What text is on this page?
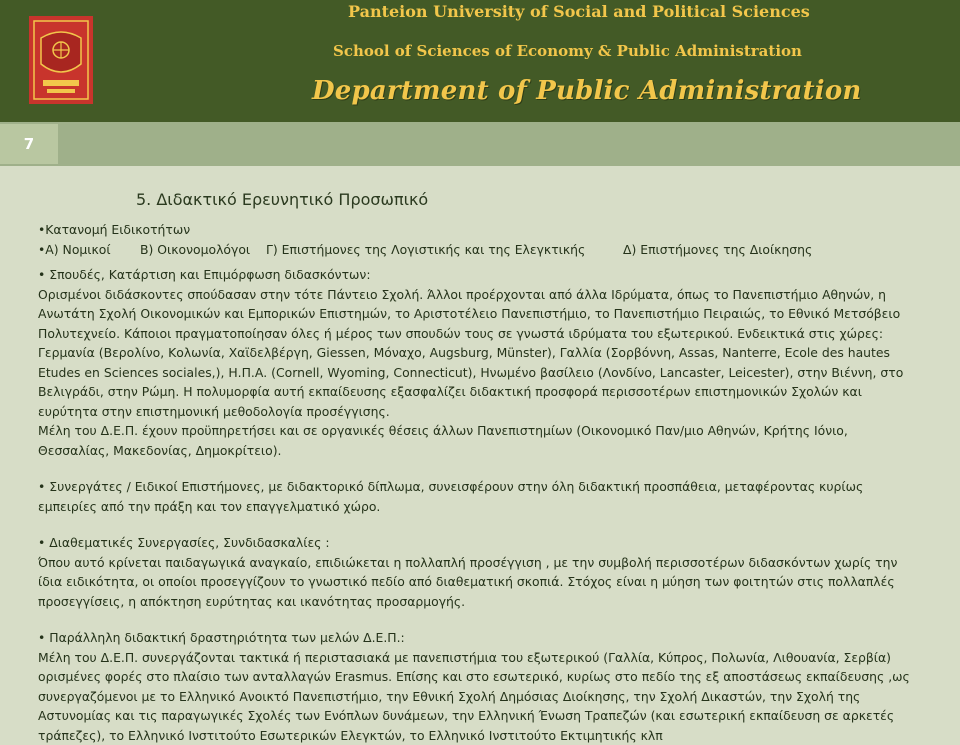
Panteion University of Social and Political Sciences
School of Sciences of Economy & Public Administration
Department of Public Administration
7
5. Διδακτικό Ερευνητικό Προσωπικό

•Κατανομή Ειδικοτήτων

•Α) Νομικοί	Β) Οικονομολόγοι	Γ) Επιστήμονες της Λογιστικής και της Ελεγκτικής	Δ) Επιστήμονες της Διοίκησης

• Σπουδές, Κατάρτιση και Επιμόρφωση διδασκόντων:

Ορισμένοι διδάσκοντες σπούδασαν στην τότε Πάντειο Σχολή. Άλλοι προέρχονται από άλλα Ιδρύματα, όπως το Πανεπιστήμιο Αθηνών, η

Ανωτάτη Σχολή Οικονομικών και Εμπορικών Επιστημών, το Αριστοτέλειο Πανεπιστήμιο, το Πανεπιστήμιο Πειραιώς, το Εθνικό Μετσόβειο

Πολυτεχνείο. Κάποιοι πραγματοποίησαν όλες ή μέρος των σπουδών τους σε γνωστά ιδρύματα του εξωτερικού. Ενδεικτικά στις χώρες:

Γερμανία (Βερολίνο, Κολωνία, Χαϊδελβέργη, Giessen, Μόναχο, Augsburg, Münster), Γαλλία (Σορβόννη, Assas, Nanterre, Ecole des hautes

Etudes en Sciences sociales,), Η.Π.Α. (Cornell, Wyoming, Connecticut), Ηνωμένο βασίλειο (Λονδίνο, Lancaster, Leicester), στην Βιέννη, στο

Βελιγράδι, στην Ρώμη. Η πολυμορφία αυτή εκπαίδευσης εξασφαλίζει διδακτική προσφορά περισσοτέρων επιστημονικών Σχολών και

ευρύτητα στην επιστημονική μεθοδολογία προσέγγισης.

Μέλη του Δ.Ε.Π. έχουν προϋπηρετήσει και σε οργανικές θέσεις άλλων Πανεπιστημίων (Οικονομικό Παν/μιο Αθηνών, Κρήτης Ιόνιο,

Θεσσαλίας, Μακεδονίας, Δημοκρίτειο).

• Συνεργάτες / Ειδικοί Επιστήμονες, με διδακτορικό δίπλωμα, συνεισφέρουν στην όλη διδακτική προσπάθεια, μεταφέροντας κυρίως

εμπειρίες από την πράξη και τον επαγγελματικό χώρο.

• Διαθεματικές Συνεργασίες, Συνδιδασκαλίες :

Όπου αυτό κρίνεται παιδαγωγικά αναγκαίο, επιδιώκεται η πολλαπλή προσέγγιση , με την συμβολή περισσοτέρων διδασκόντων χωρίς την

ίδια ειδικότητα, οι οποίοι προσεγγίζουν το γνωστικό πεδίο από διαθεματική σκοπιά. Στόχος είναι η μύηση των φοιτητών στις πολλαπλές

προσεγγίσεις, η απόκτηση ευρύτητας και ικανότητας προσαρμογής.

• Παράλληλη διδακτική δραστηριότητα των μελών Δ.Ε.Π.:

Μέλη του Δ.Ε.Π. συνεργάζονται τακτικά ή περιστασιακά με πανεπιστήμια του εξωτερικού (Γαλλία, Κύπρος, Πολωνία, Λιθουανία, Σερβία)

ορισμένες φορές στο πλαίσιο των ανταλλαγών Erasmus. Επίσης και στο εσωτερικό, κυρίως στο πεδίο της εξ αποστάσεως εκπαίδευσης ,ως

συνεργαζόμενοι με το Ελληνικό Ανοικτό Πανεπιστήμιο, την Εθνική Σχολή Δημόσιας Διοίκησης, την Σχολή Δικαστών, την Σχολή της

Αστυνομίας και τις παραγωγικές Σχολές των Ενόπλων δυνάμεων, την Ελληνική Ένωση Τραπεζών (και εσωτερική εκπαίδευση σε αρκετές

τράπεζες), το Ελληνικό Ινστιτούτο Εσωτερικών Ελεγκτών, το Ελληνικό Ινστιτούτο Εκτιμητικής κλπ
